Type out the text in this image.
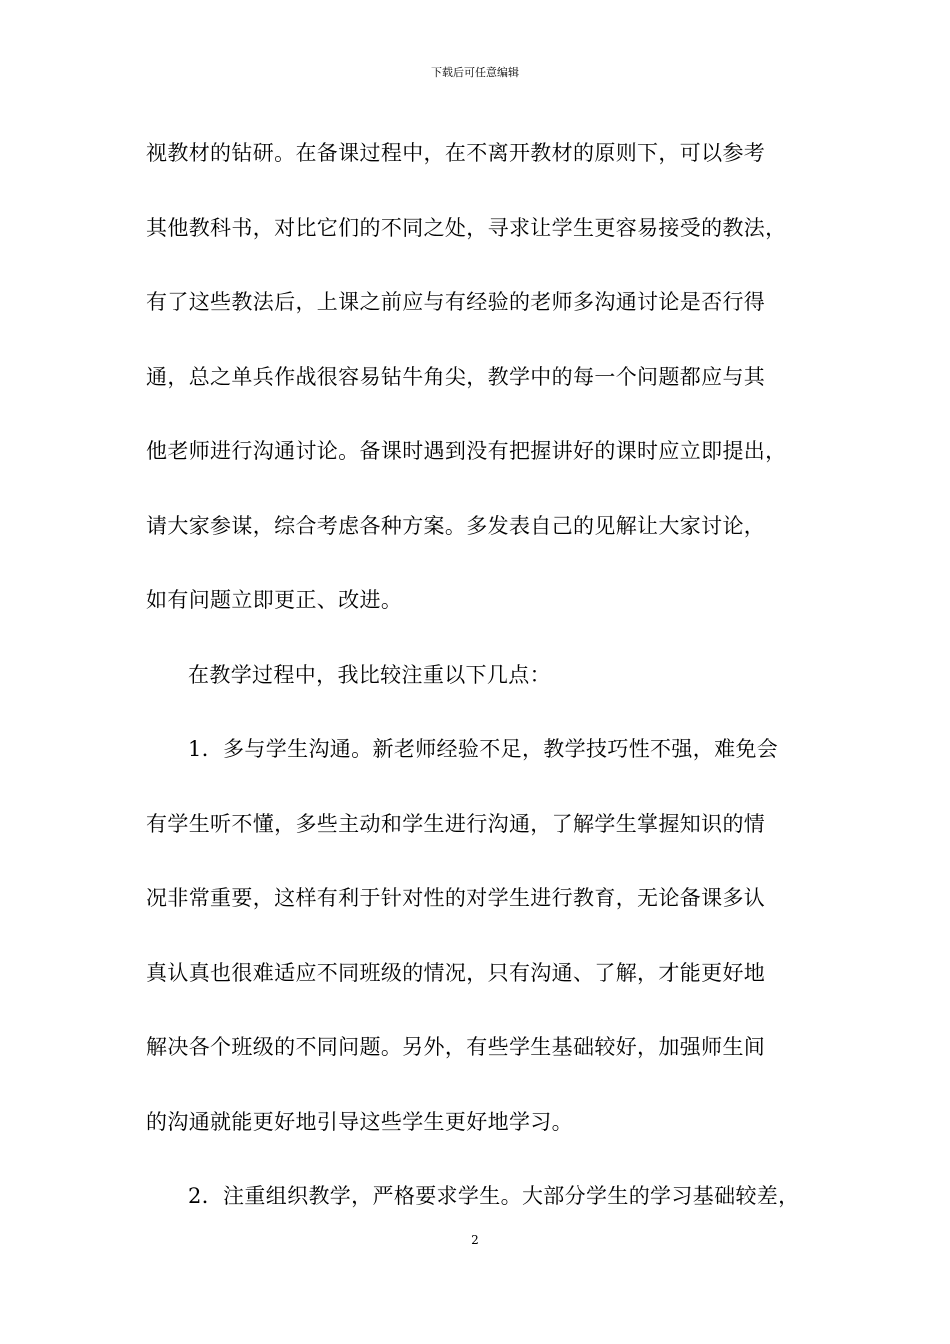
下载后可任意编辑
视教材的钻研。在备课过程中，在不离开教材的原则下，可以参考
其他教科书，对比它们的不同之处，寻求让学生更容易接受的教法，
有了这些教法后，上课之前应与有经验的老师多沟通讨论是否行得
通，总之单兵作战很容易钻牛角尖，教学中的每一个问题都应与其
他老师进行沟通讨论。备课时遇到没有把握讲好的课时应立即提出，
请大家参谋，综合考虑各种方案。多发表自己的见解让大家讨论，
如有问题立即更正、改进。
在教学过程中，我比较注重以下几点：
1．多与学生沟通。新老师经验不足，教学技巧性不强，难免会
有学生听不懂，多些主动和学生进行沟通，了解学生掌握知识的情
况非常重要，这样有利于针对性的对学生进行教育，无论备课多认
真认真也很难适应不同班级的情况，只有沟通、了解，才能更好地
解决各个班级的不同问题。另外，有些学生基础较好，加强师生间
的沟通就能更好地引导这些学生更好地学习。
2．注重组织教学，严格要求学生。大部分学生的学习基础较差，
2
